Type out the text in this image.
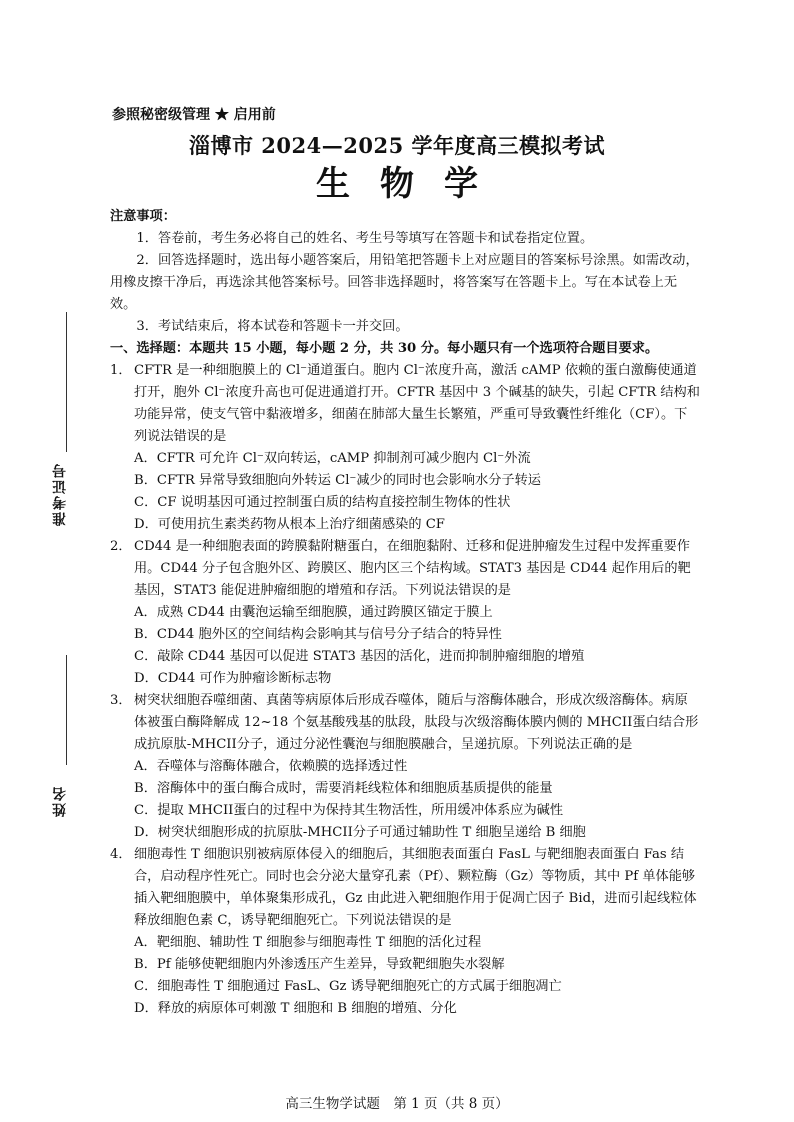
参照秘密级管理 ★ 启用前
淄博市 2024—2025 学年度高三模拟考试
生物学
准考证号
姓名
注意事项：
1．答卷前，考生务必将自己的姓名、考生号等填写在答题卡和试卷指定位置。
2．回答选择题时，选出每小题答案后，用铅笔把答题卡上对应题目的答案标号涂黑。如需改动，用橡皮擦干净后，再选涂其他答案标号。回答非选择题时，将答案写在答题卡上。写在本试卷上无效。
3．考试结束后，将本试卷和答题卡一并交回。
一、选择题：本题共 15 小题，每小题 2 分，共 30 分。每小题只有一个选项符合题目要求。
1． CFTR 是一种细胞膜上的 Cl⁻通道蛋白。胞内 Cl⁻浓度升高，激活 cAMP 依赖的蛋白激酶使通道打开，胞外 Cl⁻浓度升高也可促进通道打开。CFTR 基因中 3 个碱基的缺失，引起 CFTR 结构和功能异常，使支气管中黏液增多，细菌在肺部大量生长繁殖，严重可导致囊性纤维化（CF）。下列说法错误的是
A．CFTR 可允许 Cl⁻双向转运，cAMP 抑制剂可减少胞内 Cl⁻外流
B．CFTR 异常导致细胞向外转运 Cl⁻减少的同时也会影响水分子转运
C．CF 说明基因可通过控制蛋白质的结构直接控制生物体的性状
D．可使用抗生素类药物从根本上治疗细菌感染的 CF
2． CD44 是一种细胞表面的跨膜黏附糖蛋白，在细胞黏附、迁移和促进肿瘤发生过程中发挥重要作用。CD44 分子包含胞外区、跨膜区、胞内区三个结构域。STAT3 基因是 CD44 起作用后的靶基因，STAT3 能促进肿瘤细胞的增殖和存活。下列说法错误的是
A．成熟 CD44 由囊泡运输至细胞膜，通过跨膜区锚定于膜上
B．CD44 胞外区的空间结构会影响其与信号分子结合的特异性
C．敲除 CD44 基因可以促进 STAT3 基因的活化，进而抑制肿瘤细胞的增殖
D．CD44 可作为肿瘤诊断标志物
3． 树突状细胞吞噬细菌、真菌等病原体后形成吞噬体，随后与溶酶体融合，形成次级溶酶体。病原体被蛋白酶降解成 12~18 个氨基酸残基的肽段，肽段与次级溶酶体膜内侧的 MHCII蛋白结合形成抗原肽-MHCII分子，通过分泌性囊泡与细胞膜融合，呈递抗原。下列说法正确的是
A．吞噬体与溶酶体融合，依赖膜的选择透过性
B．溶酶体中的蛋白酶合成时，需要消耗线粒体和细胞质基质提供的能量
C．提取 MHCII蛋白的过程中为保持其生物活性，所用缓冲体系应为碱性
D．树突状细胞形成的抗原肽-MHCII分子可通过辅助性 T 细胞呈递给 B 细胞
4． 细胞毒性 T 细胞识别被病原体侵入的细胞后，其细胞表面蛋白 FasL 与靶细胞表面蛋白 Fas 结合，启动程序性死亡。同时也会分泌大量穿孔素（Pf）、颗粒酶（Gz）等物质，其中 Pf 单体能够插入靶细胞膜中，单体聚集形成孔，Gz 由此进入靶细胞作用于促凋亡因子 Bid，进而引起线粒体释放细胞色素 C，诱导靶细胞死亡。下列说法错误的是
A．靶细胞、辅助性 T 细胞参与细胞毒性 T 细胞的活化过程
B．Pf 能够使靶细胞内外渗透压产生差异，导致靶细胞失水裂解
C．细胞毒性 T 细胞通过 FasL、Gz 诱导靶细胞死亡的方式属于细胞凋亡
D．释放的病原体可刺激 T 细胞和 B 细胞的增殖、分化
高三生物学试题　第 1 页（共 8 页）
